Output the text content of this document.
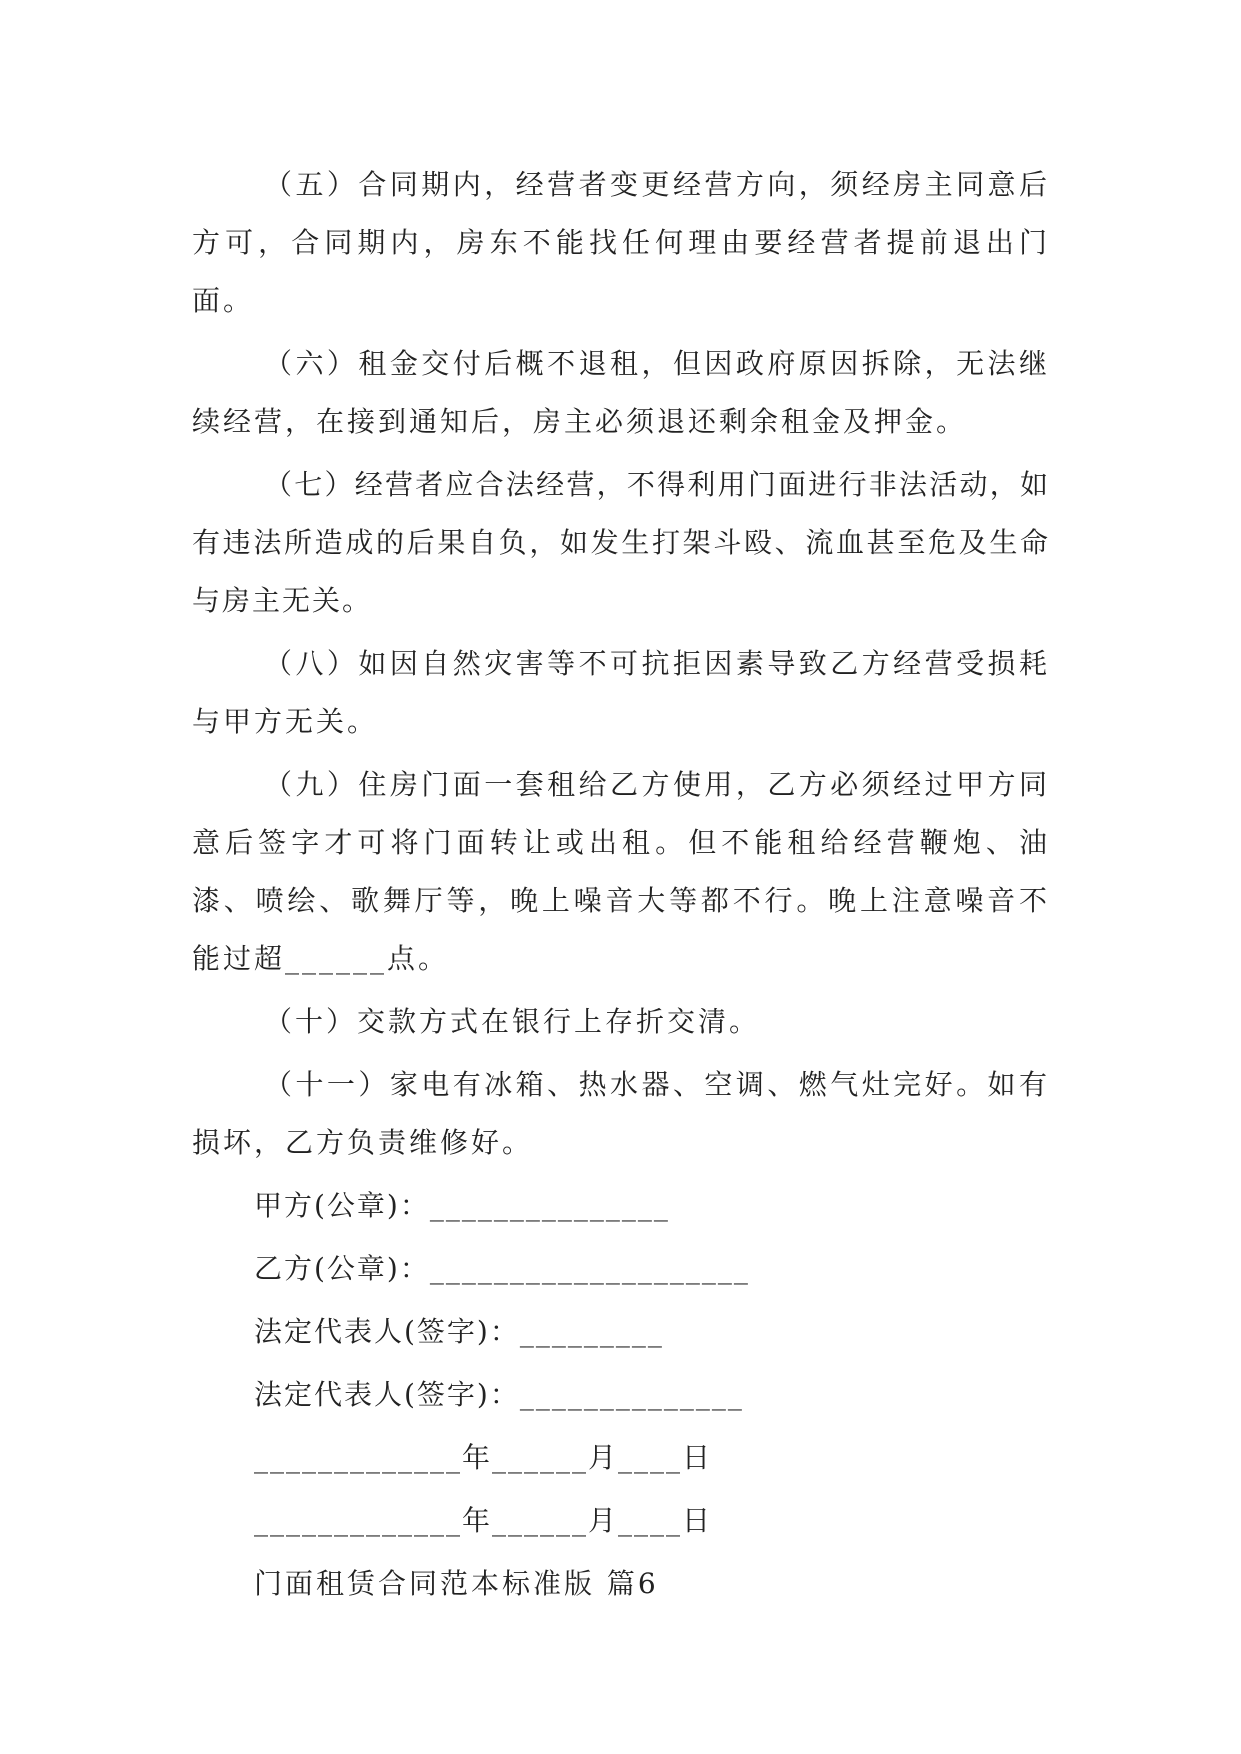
（五）合同期内，经营者变更经营方向，须经房主同意后方可，合同期内，房东不能找任何理由要经营者提前退出门面。

（六）租金交付后概不退租，但因政府原因拆除，无法继续经营，在接到通知后，房主必须退还剩余租金及押金。

（七）经营者应合法经营，不得利用门面进行非法活动，如有违法所造成的后果自负，如发生打架斗殴、流血甚至危及生命与房主无关。

（八）如因自然灾害等不可抗拒因素导致乙方经营受损耗与甲方无关。

（九）住房门面一套租给乙方使用，乙方必须经过甲方同意后签字才可将门面转让或出租。但不能租给经营鞭炮、油漆、喷绘、歌舞厅等，晚上噪音大等都不行。晚上注意噪音不能过超______点。

（十）交款方式在银行上存折交清。

（十一）家电有冰箱、热水器、空调、燃气灶完好。如有损坏，乙方负责维修好。

甲方(公章)：_______________
乙方(公章)：____________________
法定代表人(签字)：_________
法定代表人(签字)：______________
_____________年______月____日
_____________年______月____日
门面租赁合同范本标准版 篇6
